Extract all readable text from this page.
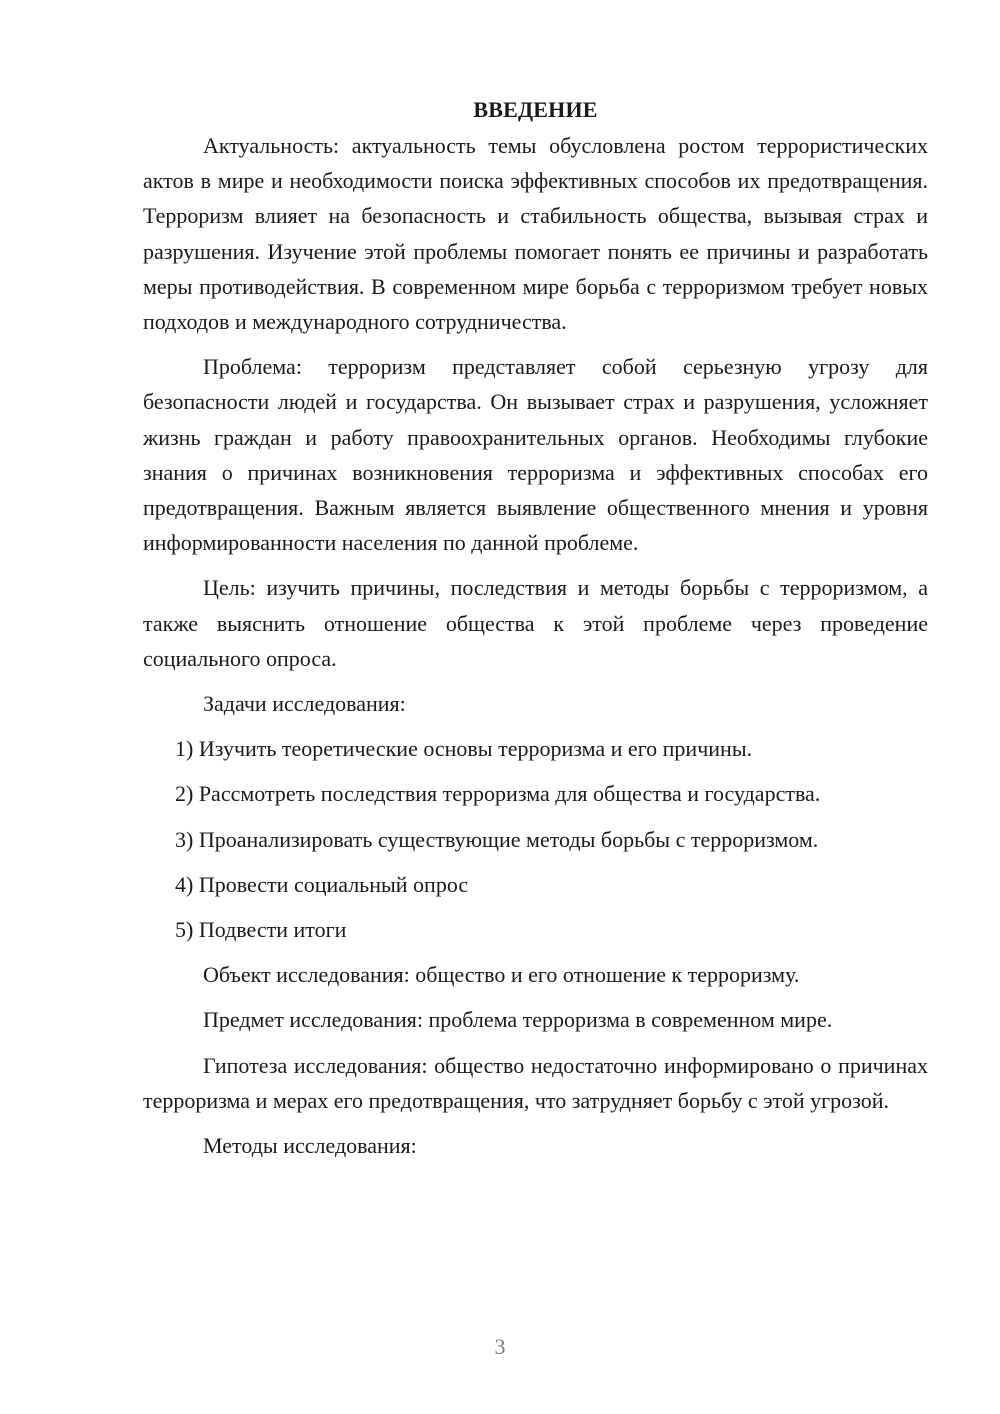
ВВЕДЕНИЕ

Актуальность: актуальность темы обусловлена ростом террористических актов в мире и необходимости поиска эффективных способов их предотвращения. Терроризм влияет на безопасность и стабильность общества, вызывая страх и разрушения. Изучение этой проблемы помогает понять ее причины и разработать меры противодействия. В современном мире борьба с терроризмом требует новых подходов и международного сотрудничества.

Проблема: терроризм представляет собой серьезную угрозу для безопасности людей и государства. Он вызывает страх и разрушения, усложняет жизнь граждан и работу правоохранительных органов. Необходимы глубокие знания о причинах возникновения терроризма и эффективных способах его предотвращения. Важным является выявление общественного мнения и уровня информированности населения по данной проблеме.

Цель: изучить причины, последствия и методы борьбы с терроризмом, а также выяснить отношение общества к этой проблеме через проведение социального опроса.

Задачи исследования:

1) Изучить теоретические основы терроризма и его причины.
2) Рассмотреть последствия терроризма для общества и государства.
3) Проанализировать существующие методы борьбы с терроризмом.
4) Провести социальный опрос
5) Подвести итоги

Объект исследования: общество и его отношение к терроризму.

Предмет исследования: проблема терроризма в современном мире.

Гипотеза исследования: общество недостаточно информировано о причинах терроризма и мерах его предотвращения, что затрудняет борьбу с этой угрозой.

Методы исследования:

3
